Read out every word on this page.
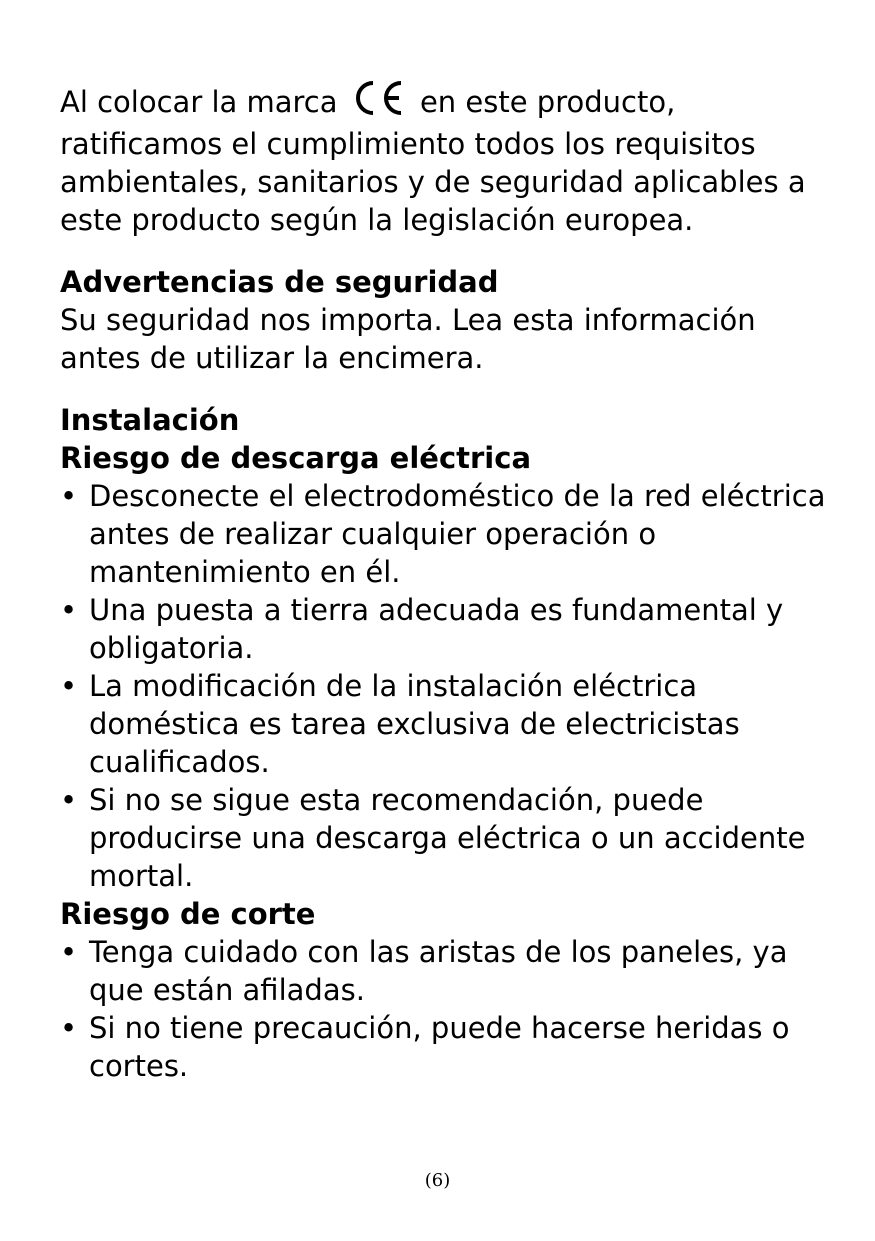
Al colocar la marca	en este producto, ratificamos el cumplimiento todos los requisitos ambientales, sanitarios y de seguridad aplicables a este producto según la legislación europea.

Advertencias de seguridad

Su seguridad nos importa. Lea esta información antes de utilizar la encimera.

Instalación

Riesgo de descarga eléctrica

• Desconecte el electrodoméstico de la red eléctrica antes de realizar cualquier operación o mantenimiento en él.
• Una puesta a tierra adecuada es fundamental y obligatoria.
• La modificación de la instalación eléctrica doméstica es tarea exclusiva de electricistas cualificados.
• Si no se sigue esta recomendación, puede producirse una descarga eléctrica o un accidente mortal.

Riesgo de corte

• Tenga cuidado con las aristas de los paneles, ya que están afiladas.
• Si no tiene precaución, puede hacerse heridas o cortes.
(6)
